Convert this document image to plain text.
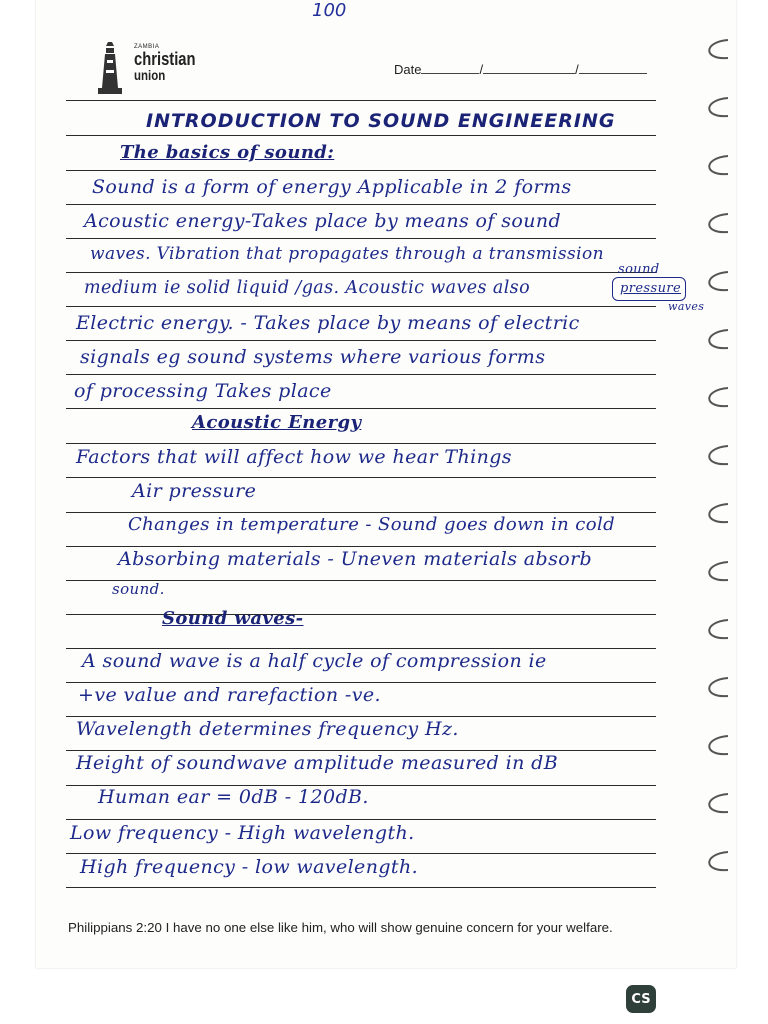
100
ZAMBIA
christian
union	Date	/	/
INTRODUCTION TO SOUND ENGINEERING
The basics of sound:
Sound is a form of energy Applicable in 2 forms
Acoustic energy-Takes place by means of sound
waves. Vibration that propagates through a transmission
medium ie solid liquid /gas. Acoustic waves also
Electric energy. - Takes place by means of electric
signals eg sound systems where various forms
of processing Takes place
sound
pressure
waves
Acoustic Energy
Factors that will affect how we hear Things
Air pressure
Changes in temperature - Sound goes down in cold
Absorbing materials - Uneven materials absorb
sound.
Sound waves-
A sound wave is a half cycle of compression ie
+ve value and rarefaction -ve.
Wavelength determines frequency Hz.
Height of soundwave amplitude measured in dB
Human ear = 0dB - 120dB.
Low frequency - High wavelength.
High frequency - low wavelength.
Philippians 2:20 I have no one else like him, who will show genuine concern for your welfare.
CS
